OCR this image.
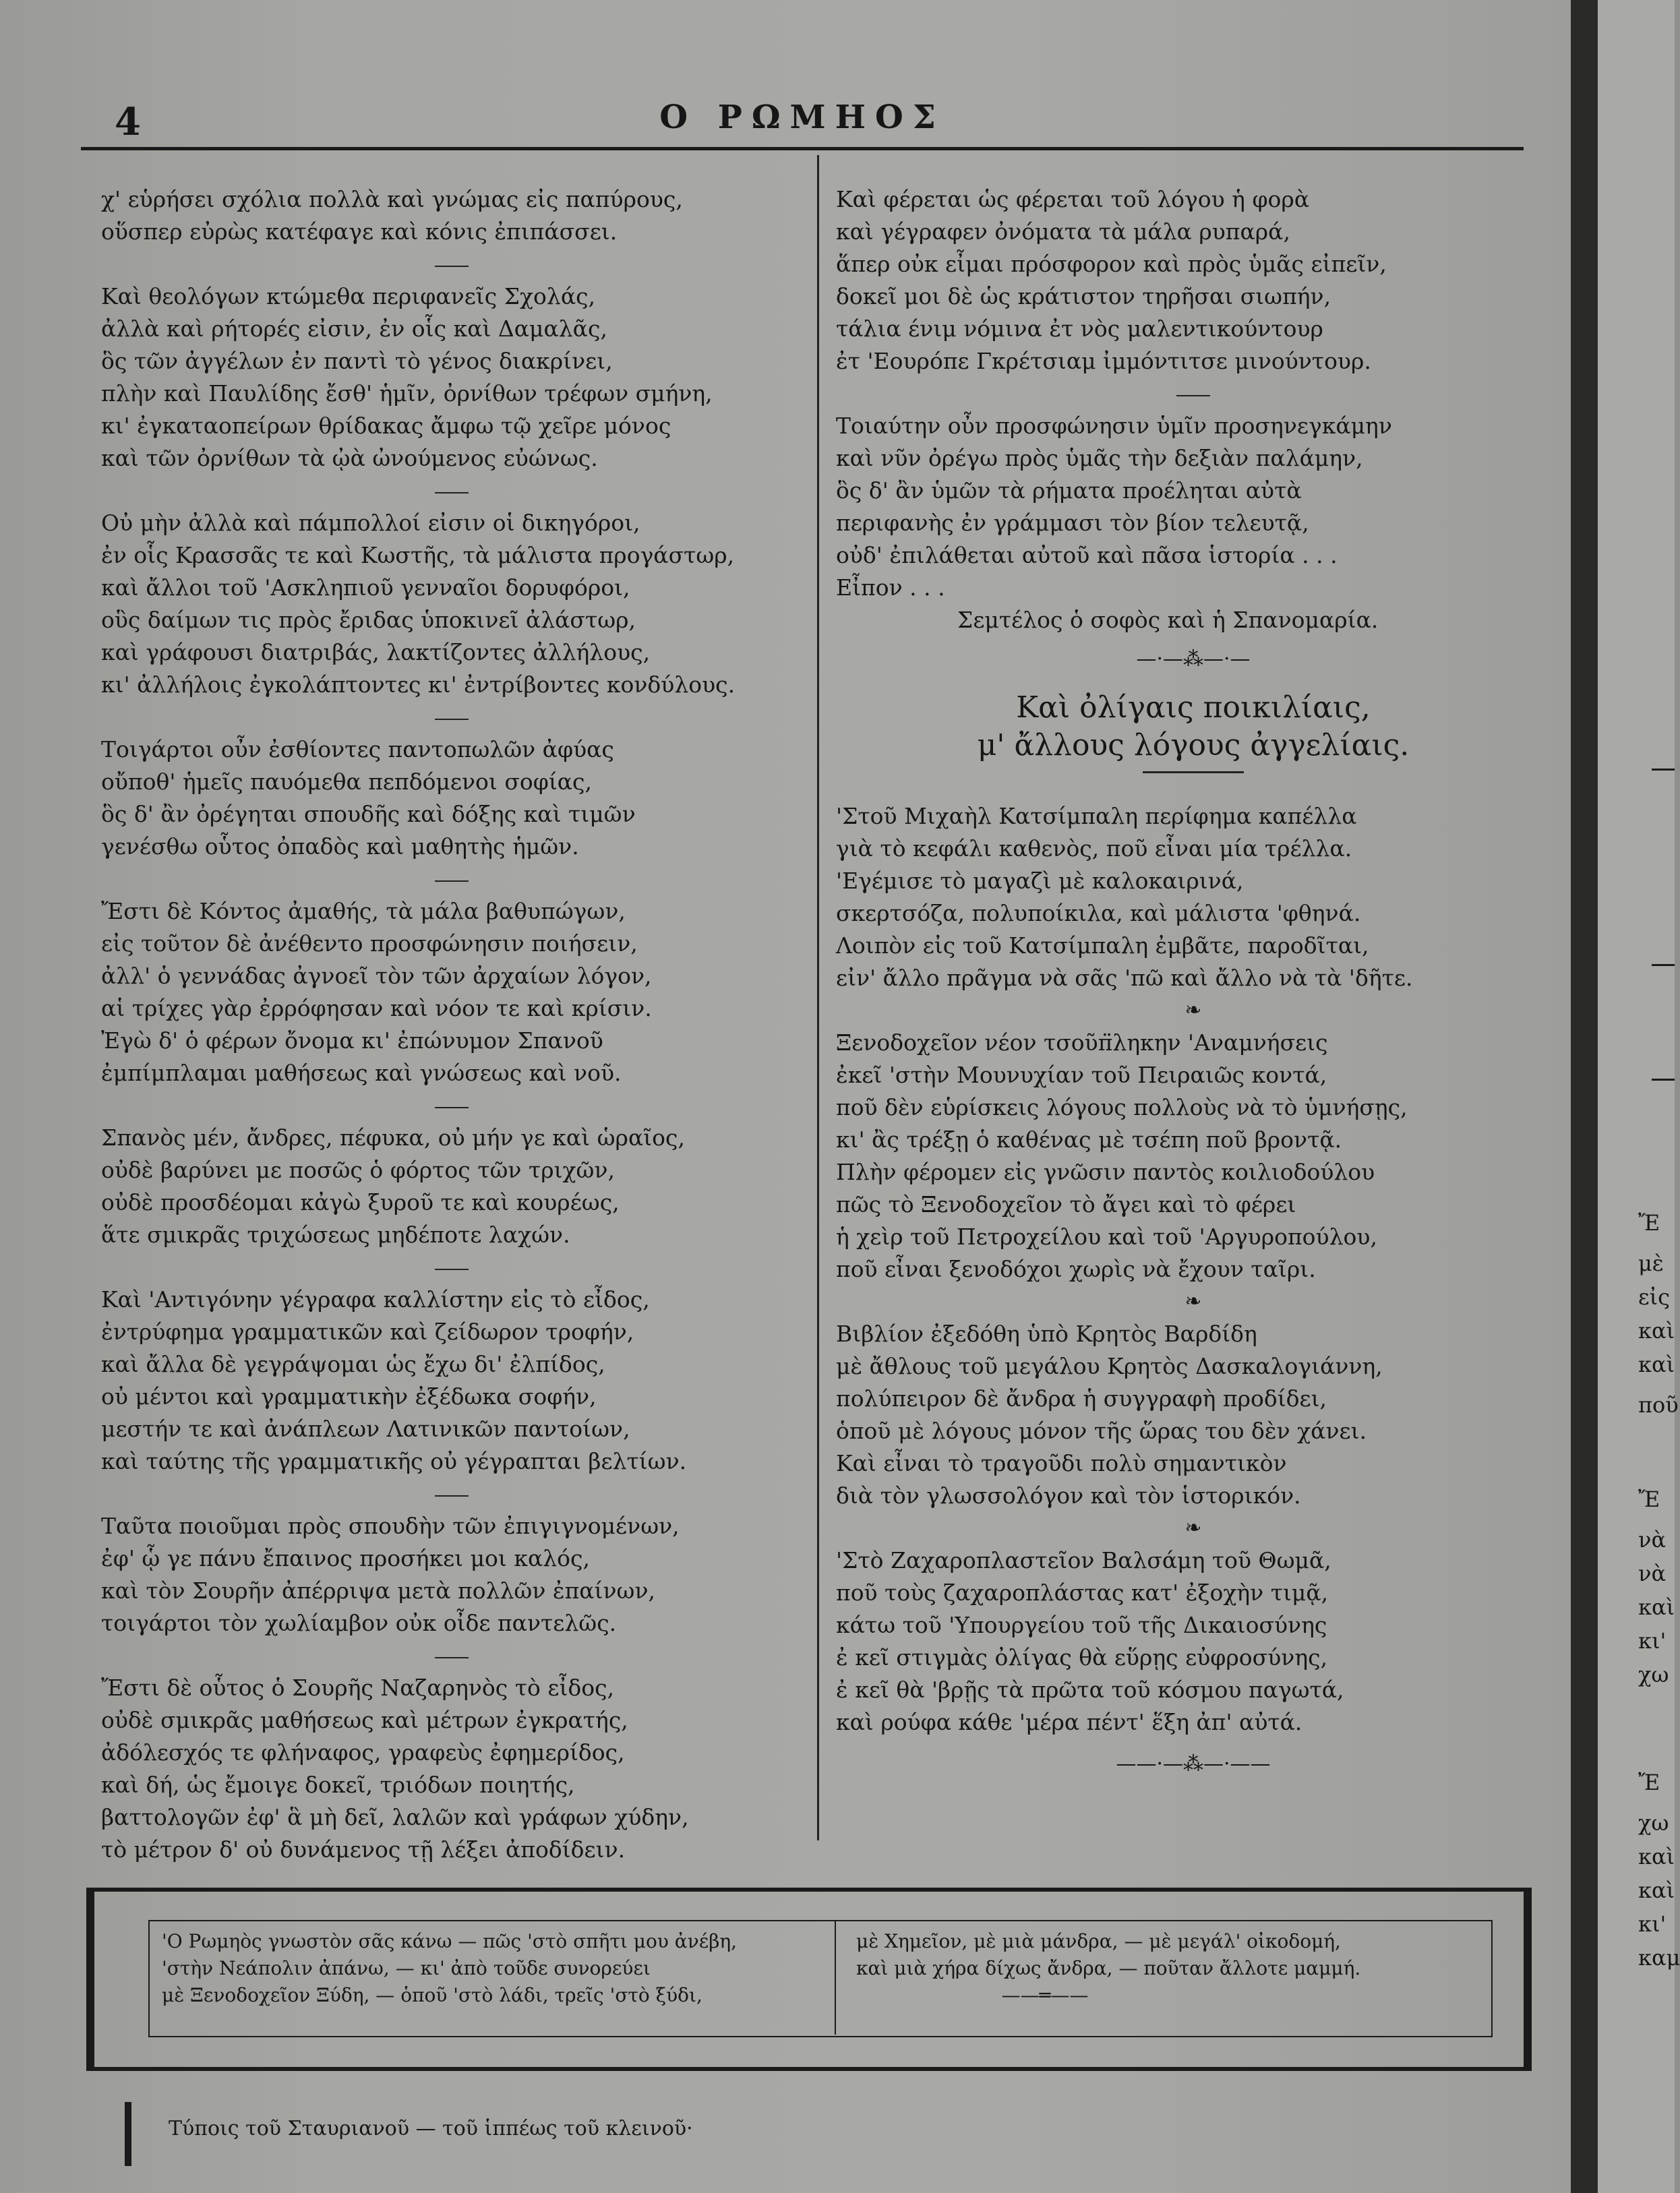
4	Ο ΡΩΜΗΟΣ

χ' εὑρήσει σχόλια πολλὰ καὶ γνώμας εἰς παπύρους,

οὕσπερ εὐρὼς κατέφαγε καὶ κόνις ἐπιπάσσει.

Καὶ θεολόγων κτώμεθα περιφανεῖς Σχολάς,

ἀλλὰ καὶ ρήτορές εἰσιν, ἐν οἷς καὶ Δαμαλᾶς,

ὃς τῶν ἀγγέλων ἐν παντὶ τὸ γένος διακρίνει,

πλὴν καὶ Παυλίδης ἔσθ' ἡμῖν, ὀρνίθων τρέφων σμήνη,

κι' ἐγκαταοπείρων θρίδακας ἄμφω τῷ χεῖρε μόνος

καὶ τῶν ὀρνίθων τὰ ᾠὰ ὠνούμενος εὐώνως.

Οὐ μὴν ἀλλὰ καὶ πάμπολλοί εἰσιν οἱ δικηγόροι,

ἐν οἷς Κρασσᾶς τε καὶ Κωστῆς, τὰ μάλιστα προγάστωρ,

καὶ ἄλλοι τοῦ 'Ασκληπιοῦ γενναῖοι δορυφόροι,

οὓς δαίμων τις πρὸς ἔριδας ὑποκινεῖ ἀλάστωρ,

καὶ γράφουσι διατριβάς, λακτίζοντες ἀλλήλους,

κι' ἀλλήλοις ἐγκολάπτοντες κι' ἐντρίβοντες κονδύλους.

Τοιγάρτοι οὖν ἐσθίοντες παντοπωλῶν ἀφύας

οὔποθ' ἡμεῖς παυόμεθα πεπδόμενοι σοφίας,

ὃς δ' ἂν ὀρέγηται σπουδῆς καὶ δόξης καὶ τιμῶν

γενέσθω οὗτος ὀπαδὸς καὶ μαθητὴς ἡμῶν.

Ἔστι δὲ Κόντος ἀμαθής, τὰ μάλα βαθυπώγων,

εἰς τοῦτον δὲ ἀνέθεντο προσφώνησιν ποιήσειν,

ἀλλ' ὁ γεννάδας ἀγνοεῖ τὸν τῶν ἀρχαίων λόγον,

αἱ τρίχες γὰρ ἐρρόφησαν καὶ νόον τε καὶ κρίσιν.

Ἐγὼ δ' ὁ φέρων ὄνομα κι' ἐπώνυμον Σπανοῦ

ἐμπίμπλαμαι μαθήσεως καὶ γνώσεως καὶ νοῦ.

Σπανὸς μέν, ἄνδρες, πέφυκα, οὐ μήν γε καὶ ὡραῖος,

οὐδὲ βαρύνει με ποσῶς ὁ φόρτος τῶν τριχῶν,

οὐδὲ προσδέομαι κἀγὼ ξυροῦ τε καὶ κουρέως,

ἅτε σμικρᾶς τριχώσεως μηδέποτε λαχών.

Καὶ 'Αντιγόνην γέγραφα καλλίστην εἰς τὸ εἶδος,

ἐντρύφημα γραμματικῶν καὶ ζείδωρον τροφήν,

καὶ ἄλλα δὲ γεγράψομαι ὡς ἔχω δι' ἐλπίδος,

οὐ μέντοι καὶ γραμματικὴν ἐξέδωκα σοφήν,

μεστήν τε καὶ ἀνάπλεων Λατινικῶν παντοίων,

καὶ ταύτης τῆς γραμματικῆς οὐ γέγραπται βελτίων.

Ταῦτα ποιοῦμαι πρὸς σπουδὴν τῶν ἐπιγιγνομένων,

ἐφ' ᾧ γε πάνυ ἔπαινος προσήκει μοι καλός,

καὶ τὸν Σουρῆν ἀπέρριψα μετὰ πολλῶν ἐπαίνων,

τοιγάρτοι τὸν χωλίαμβον οὐκ οἶδε παντελῶς.

Ἔστι δὲ οὗτος ὁ Σουρῆς Ναζαρηνὸς τὸ εἶδος,

οὐδὲ σμικρᾶς μαθήσεως καὶ μέτρων ἐγκρατής,

ἀδόλεσχός τε φλήναφος, γραφεὺς ἐφημερίδος,

καὶ δή, ὡς ἔμοιγε δοκεῖ, τριόδων ποιητής,

βαττολογῶν ἐφ' ἃ μὴ δεῖ, λαλῶν καὶ γράφων χύδην,

τὸ μέτρον δ' οὐ δυνάμενος τῇ λέξει ἀποδίδειν.

Καὶ φέρεται ὡς φέρεται τοῦ λόγου ἡ φορὰ

καὶ γέγραφεν ὀνόματα τὰ μάλα ρυπαρά,

ἅπερ οὐκ εἶμαι πρόσφορον καὶ πρὸς ὑμᾶς εἰπεῖν,

δοκεῖ μοι δὲ ὡς κράτιστον τηρῆσαι σιωπήν,

τάλια ένιμ νόμινα ἐτ νὸς μαλεντικούντουρ

ἐτ 'Εουρόπε Γκρέτσιαμ ἰμμόντιτσε μινούντουρ.

Τοιαύτην οὖν προσφώνησιν ὑμῖν προσηνεγκάμην

καὶ νῦν ὀρέγω πρὸς ὑμᾶς τὴν δεξιὰν παλάμην,

ὃς δ' ἂν ὑμῶν τὰ ρήματα προέληται αὐτὰ

περιφανὴς ἐν γράμμασι τὸν βίον τελευτᾷ,

οὐδ' ἐπιλάθεται αὐτοῦ καὶ πᾶσα ἱστορία . . .

Εἶπον . . .

Σεμτέλος ὁ σοφὸς καὶ ἡ Σπανομαρία.

—·—⁂—·—
Καὶ ὀλίγαις ποικιλίαις,
μ' ἄλλους λόγους ἀγγελίαις.

'Στοῦ Μιχαὴλ Κατσίμπαλη περίφημα καπέλλα

γιὰ τὸ κεφάλι καθενὸς, ποῦ εἶναι μία τρέλλα.

'Εγέμισε τὸ μαγαζὶ μὲ καλοκαιρινά,

σκερτσόζα, πολυποίκιλα, καὶ μάλιστα 'φθηνά.

Λοιπὸν εἰς τοῦ Κατσίμπαλη ἐμβᾶτε, παροδῖται,

εἰν' ἄλλο πρᾶγμα νὰ σᾶς 'πῶ καὶ ἄλλο νὰ τὰ 'δῆτε.

❧

Ξενοδοχεῖον νέον τσοῦπ̈ληκην 'Αναμνήσεις

ἐκεῖ 'στὴν Μουνυχίαν τοῦ Πειραιῶς κοντά,

ποῦ δὲν εὑρίσκεις λόγους πολλοὺς νὰ τὸ ὑμνήσῃς,

κι' ἂς τρέξῃ ὁ καθένας μὲ τσέπη ποῦ βροντᾷ.

Πλὴν φέρομεν εἰς γνῶσιν παντὸς κοιλιοδούλου

πῶς τὸ Ξενοδοχεῖον τὸ ἄγει καὶ τὸ φέρει

ἡ χεὶρ τοῦ Πετροχείλου καὶ τοῦ 'Αργυροπούλου,

ποῦ εἶναι ξενοδόχοι χωρὶς νὰ ἔχουν ταῖρι.

❧

Βιβλίον ἐξεδόθη ὑπὸ Κρητὸς Βαρδίδη

μὲ ἄθλους τοῦ μεγάλου Κρητὸς Δασκαλογιάννη,

πολύπειρον δὲ ἄνδρα ἡ συγγραφὴ προδίδει,

ὁποῦ μὲ λόγους μόνον τῆς ὥρας του δὲν χάνει.

Καὶ εἶναι τὸ τραγοῦδι πολὺ σημαντικὸν

διὰ τὸν γλωσσολόγον καὶ τὸν ἱστορικόν.

❧

'Στὸ Ζαχαροπλαστεῖον Βαλσάμη τοῦ Θωμᾶ,

ποῦ τοὺς ζαχαροπλάστας κατ' ἐξοχὴν τιμᾷ,

κάτω τοῦ 'Υπουργείου τοῦ τῆς Δικαιοσύνης

ἐ κεῖ στιγμὰς ὀλίγας θὰ εὕρῃς εὐφροσύνης,

ἐ κεῖ θὰ 'βρῇς τὰ πρῶτα τοῦ κόσμου παγωτά,

καὶ ρούφα κάθε 'μέρα πέντ' ἕξη ἀπ' αὐτά.

——·—⁂—·——
'Ο Ρωμηὸς γνωστὸν σᾶς κάνω — πῶς 'στὸ σπῆτι μου ἀνέβη,
'στὴν Νεάπολιν ἀπάνω, — κι' ἀπὸ τοῦδε συνορεύει
μὲ Ξενοδοχεῖον Ξύδη, — ὁποῦ 'στὸ λάδι, τρεῖς 'στὸ ξύδι,
μὲ Χημεῖον, μὲ μιὰ μάνδρα, — μὲ μεγάλ' οἰκοδομή,
καὶ μιὰ χήρα δίχως ἄνδρα, — ποῦταν ἄλλοτε μαμμή.
——═——
Τύποις τοῦ Σταυριανοῦ — τοῦ ἱππέως τοῦ κλεινοῦ·
Ἔ
μὲ
εἰς
καὶ
καὶ
ποῦ
Ἔ
νὰ
νὰ
καὶ
κι'
χω
Ἔ
χω
καὶ
καὶ
κι'
καμ
